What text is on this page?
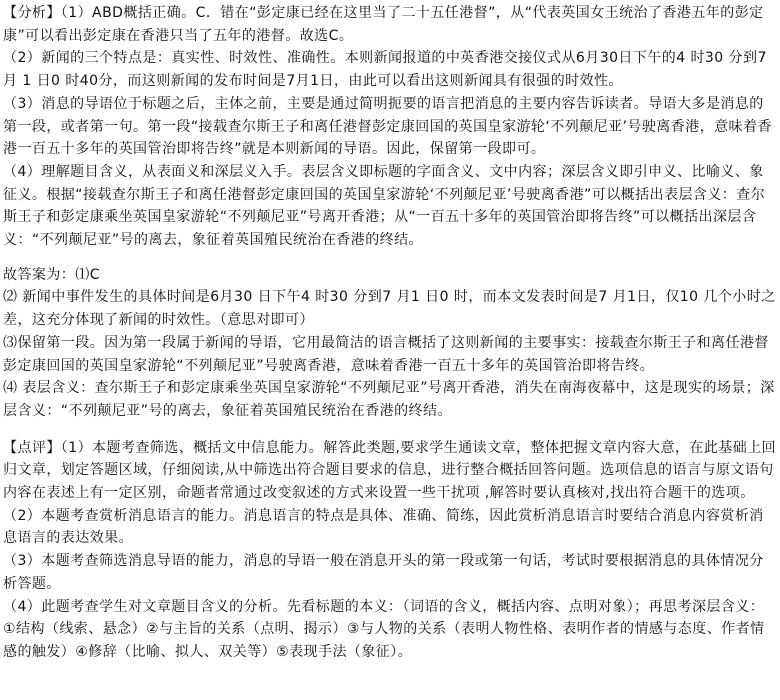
【分析】（1）ABD概括正确。C．错在“彭定康已经在这里当了二十五任港督”，从“代表英国女王统治了香港五年的彭定康”可以看出彭定康在香港只当了五年的港督。故选C。

（2）新闻的三个特点是：真实性、时效性、准确性。本则新闻报道的中英香港交接仪式从6月30日下午的4 时30 分到7月 1 日0 时40分，而这则新闻的发布时间是7月1日，由此可以看出这则新闻具有很强的时效性。

（3）消息的导语位于标题之后，主体之前，主要是通过简明扼要的语言把消息的主要内容告诉读者。导语大多是消息的第一段，或者第一句。第一段“接载查尔斯王子和离任港督彭定康回国的英国皇家游轮‘不列颠尼亚’号驶离香港，意味着香港一百五十多年的英国管治即将告终”就是本则新闻的导语。因此，保留第一段即可。

（4）理解题目含义，从表面义和深层义入手。表层含义即标题的字面含义、文中内容；深层含义即引申义、比喻义、象征义。根据“接载查尔斯王子和离任港督彭定康回国的英国皇家游轮‘不列颠尼亚’号驶离香港”可以概括出表层含义：查尔斯王子和彭定康乘坐英国皇家游轮“不列颠尼亚”号离开香港；从“一百五十多年的英国管治即将告终”可以概括出深层含义：“不列颠尼亚”号的离去，象征着英国殖民统治在香港的终结。

故答案为：⑴C

⑵ 新闻中事件发生的具体时间是6月30 日下午4 时30 分到7 月1 日0 时，而本文发表时间是7 月1日，仅10 几个小时之差，这充分体现了新闻的时效性。（意思对即可）

⑶保留第一段。因为第一段属于新闻的导语，它用最简洁的语言概括了这则新闻的主要事实：接载查尔斯王子和离任港督彭定康回国的英国皇家游轮“不列颠尼亚”号驶离香港，意味着香港一百五十多年的英国管治即将告终。

⑷ 表层含义：查尔斯王子和彭定康乘坐英国皇家游轮“不列颠尼亚”号离开香港，消失在南海夜幕中，这是现实的场景；深层含义：“不列颠尼亚”号的离去，象征着英国殖民统治在香港的终结。

【点评】（1）本题考查筛选、概括文中信息能力。解答此类题,要求学生通读文章，整体把握文章内容大意，在此基础上回归文章，划定答题区域，仔细阅读,从中筛选出符合题目要求的信息，进行整合概括回答问题。选项信息的语言与原文语句内容在表述上有一定区别，命题者常通过改变叙述的方式来设置一些干扰项 ,解答时要认真核对,找出符合题干的选项。

（2）本题考查赏析消息语言的能力。消息语言的特点是具体、准确、简练，因此赏析消息语言时要结合消息内容赏析消息语言的表达效果。

（3）本题考查筛选消息导语的能力，消息的导语一般在消息开头的第一段或第一句话，考试时要根据消息的具体情况分析答题。

（4）此题考查学生对文章题目含义的分析。先看标题的本义：（词语的含义，概括内容、点明对象）；再思考深层含义：①结构（线索、悬念）②与主旨的关系（点明、揭示）③与人物的关系（表明人物性格、表明作者的情感与态度、作者情感的触发）④修辞（比喻、拟人、双关等）⑤表现手法（象征）。
